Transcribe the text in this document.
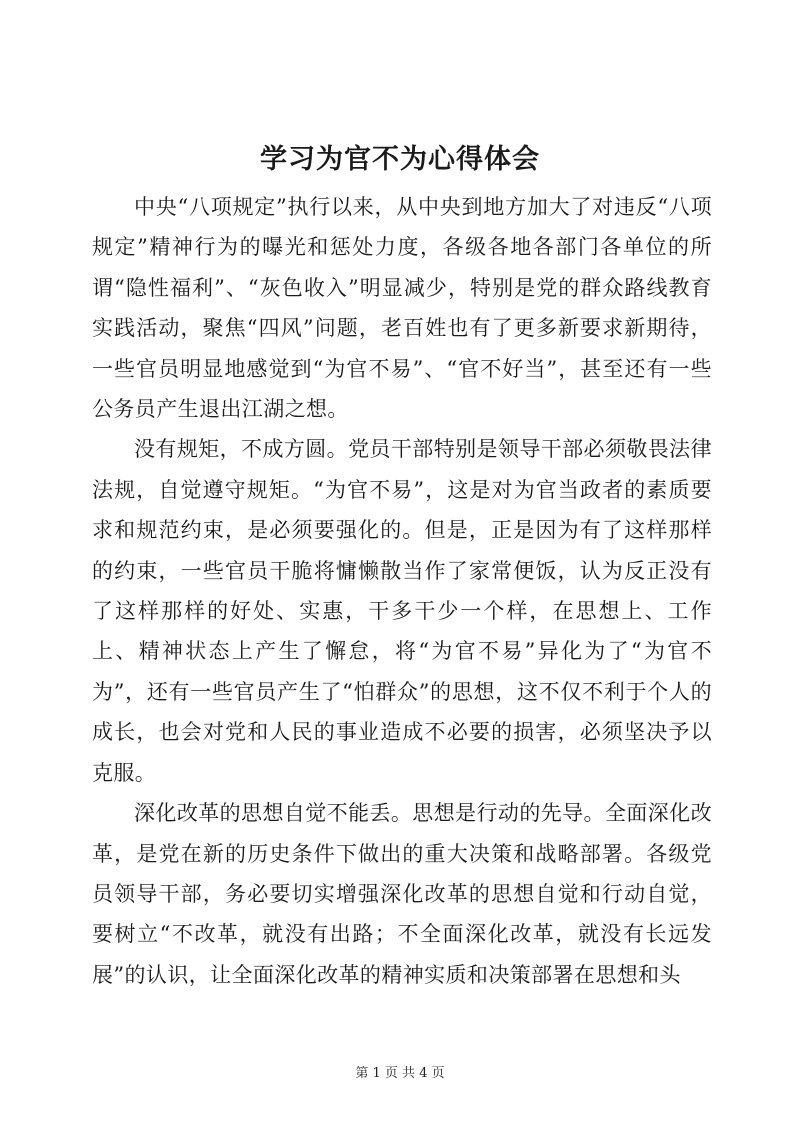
学习为官不为心得体会

中央“八项规定”执行以来，从中央到地方加大了对违反“八项规定”精神行为的曝光和惩处力度，各级各地各部门各单位的所谓“隐性福利”、“灰色收入”明显减少，特别是党的群众路线教育实践活动，聚焦“四风”问题，老百姓也有了更多新要求新期待，一些官员明显地感觉到“为官不易”、“官不好当”，甚至还有一些公务员产生退出江湖之想。

没有规矩，不成方圆。党员干部特别是领导干部必须敬畏法律法规，自觉遵守规矩。“为官不易”，这是对为官当政者的素质要求和规范约束，是必须要强化的。但是，正是因为有了这样那样的约束，一些官员干脆将慵懒散当作了家常便饭，认为反正没有了这样那样的好处、实惠，干多干少一个样，在思想上、工作上、精神状态上产生了懈怠，将“为官不易”异化为了“为官不为”，还有一些官员产生了“怕群众”的思想，这不仅不利于个人的成长，也会对党和人民的事业造成不必要的损害，必须坚决予以克服。

深化改革的思想自觉不能丢。思想是行动的先导。全面深化改革，是党在新的历史条件下做出的重大决策和战略部署。各级党员领导干部，务必要切实增强深化改革的思想自觉和行动自觉，要树立“不改革，就没有出路；不全面深化改革，就没有长远发展”的认识，让全面深化改革的精神实质和决策部署在思想和头

第 1 页 共 4 页
